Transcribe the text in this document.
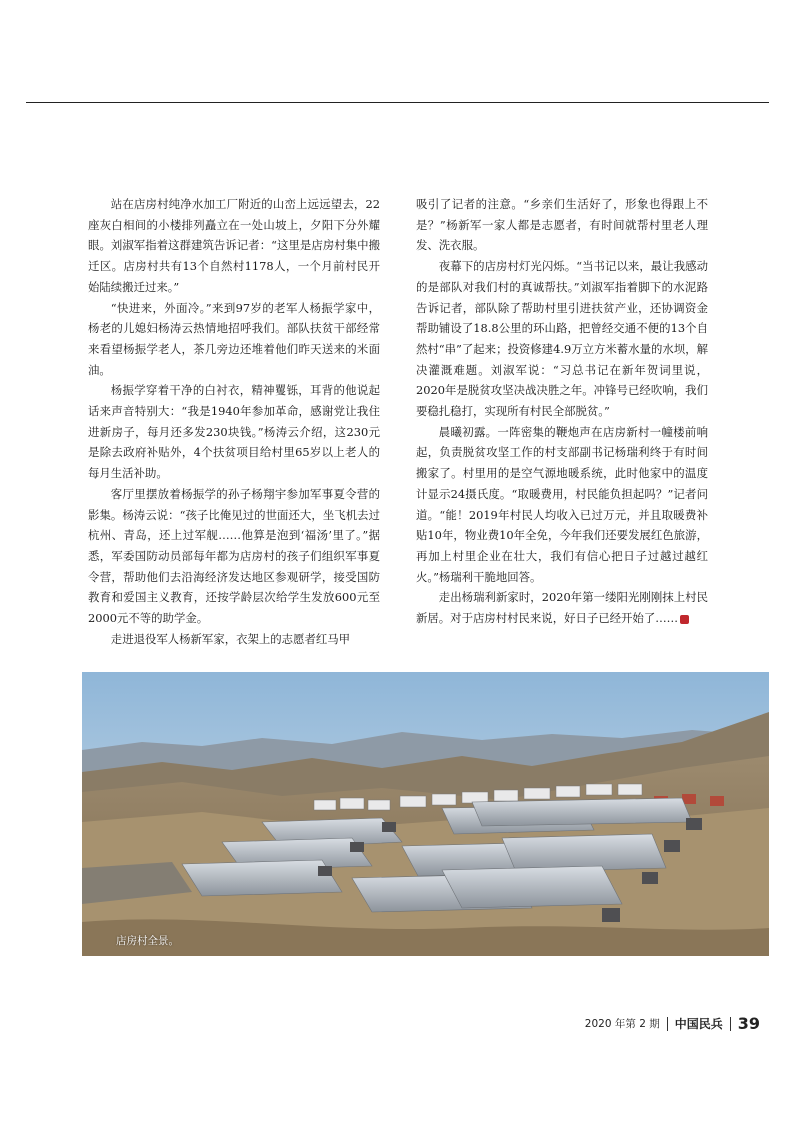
站在店房村纯净水加工厂附近的山峦上远远望去，22座灰白相间的小楼排列矗立在一处山坡上，夕阳下分外耀眼。刘淑军指着这群建筑告诉记者：“这里是店房村集中搬迁区。店房村共有13个自然村1178人，一个月前村民开始陆续搬迁过来。”

“快进来，外面冷。”来到97岁的老军人杨振学家中，杨老的儿媳妇杨涛云热情地招呼我们。部队扶贫干部经常来看望杨振学老人，茶几旁边还堆着他们昨天送来的米面油。

杨振学穿着干净的白衬衣，精神矍铄，耳背的他说起话来声音特别大：“我是1940年参加革命，感谢党让我住进新房子，每月还多发230块钱。”杨涛云介绍，这230元是除去政府补贴外，4个扶贫项目给村里65岁以上老人的每月生活补助。

客厅里摆放着杨振学的孙子杨翔宇参加军事夏令营的影集。杨涛云说：“孩子比俺见过的世面还大，坐飞机去过杭州、青岛，还上过军舰……他算是泡到‘福汤’里了。”据悉，军委国防动员部每年都为店房村的孩子们组织军事夏令营，帮助他们去沿海经济发达地区参观研学，接受国防教育和爱国主义教育，还按学龄层次给学生发放600元至2000元不等的助学金。

走进退役军人杨新军家，衣架上的志愿者红马甲

吸引了记者的注意。“乡亲们生活好了，形象也得跟上不是？”杨新军一家人都是志愿者，有时间就帮村里老人理发、洗衣服。

夜幕下的店房村灯光闪烁。“当书记以来，最让我感动的是部队对我们村的真诚帮扶。”刘淑军指着脚下的水泥路告诉记者，部队除了帮助村里引进扶贫产业，还协调资金帮助铺设了18.8公里的环山路，把曾经交通不便的13个自然村“串”了起来；投资修建4.9万立方米蓄水量的水坝，解决灌溉难题。刘淑军说：“习总书记在新年贺词里说，2020年是脱贫攻坚决战决胜之年。冲锋号已经吹响，我们要稳扎稳打，实现所有村民全部脱贫。”

晨曦初露。一阵密集的鞭炮声在店房新村一幢楼前响起，负责脱贫攻坚工作的村支部副书记杨瑞利终于有时间搬家了。村里用的是空气源地暖系统，此时他家中的温度计显示24摄氏度。“取暖费用，村民能负担起吗？”记者问道。“能！2019年村民人均收入已过万元，并且取暖费补贴10年，物业费10年全免，今年我们还要发展红色旅游，再加上村里企业在壮大，我们有信心把日子过越过越红火。”杨瑞利干脆地回答。

走出杨瑞利新家时，2020年第一缕阳光刚刚抹上村民新居。对于店房村村民来说，好日子已经开始了……	◆

店房村全景。
2020 年第 2 期 中国民兵 39
